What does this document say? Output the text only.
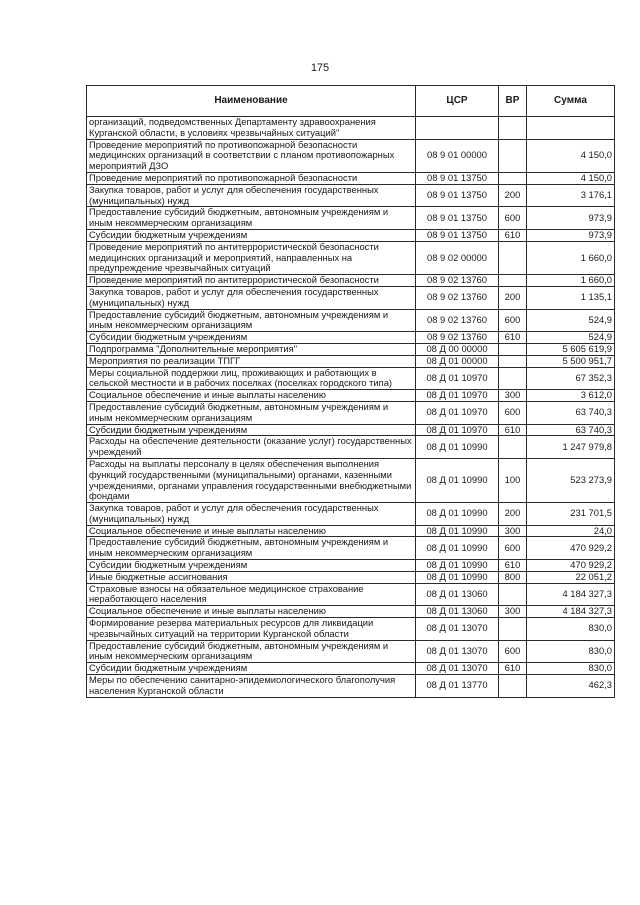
175
Наименование	ЦСР	ВР	Сумма
организаций, подведомственных Департаменту здравоохранения Курганской области, в условиях чрезвычайных ситуаций"			
Проведение мероприятий по противопожарной безопасности медицинских организаций в соответствии с планом противопожарных мероприятий ДЗО	08 9 01 00000		4 150,0
Проведение мероприятий по противопожарной безопасности	08 9 01 13750		4 150,0
Закупка товаров, работ и услуг для обеспечения государственных (муниципальных) нужд	08 9 01 13750	200	3 176,1
Предоставление субсидий бюджетным, автономным учреждениям и иным некоммерческим организациям	08 9 01 13750	600	973,9
Субсидии бюджетным учреждениям	08 9 01 13750	610	973,9
Проведение мероприятий по антитеррористической безопасности медицинских организаций и мероприятий, направленных на предупреждение чрезвычайных ситуаций	08 9 02 00000		1 660,0
Проведение мероприятий по антитеррористической безопасности	08 9 02 13760		1 660,0
Закупка товаров, работ и услуг для обеспечения государственных (муниципальных) нужд	08 9 02 13760	200	1 135,1
Предоставление субсидий бюджетным, автономным учреждениям и иным некоммерческим организациям	08 9 02 13760	600	524,9
Субсидии бюджетным учреждениям	08 9 02 13760	610	524,9
Подпрограмма "Дополнительные мероприятия"	08 Д 00 00000		5 605 619,9
Мероприятия по реализации ТПГГ	08 Д 01 00000		5 500 951,7
Меры социальной поддержки лиц, проживающих и работающих в сельской местности и в рабочих поселках (поселках городского типа)	08 Д 01 10970		67 352,3
Социальное обеспечение и иные выплаты населению	08 Д 01 10970	300	3 612,0
Предоставление субсидий бюджетным, автономным учреждениям и иным некоммерческим организациям	08 Д 01 10970	600	63 740,3
Субсидии бюджетным учреждениям	08 Д 01 10970	610	63 740,3
Расходы на обеспечение деятельности (оказание услуг) государственных учреждений	08 Д 01 10990		1 247 979,8
Расходы на выплаты персоналу в целях обеспечения выполнения функций государственными (муниципальными) органами, казенными учреждениями, органами управления государственными внебюджетными фондами	08 Д 01 10990	100	523 273,9
Закупка товаров, работ и услуг для обеспечения государственных (муниципальных) нужд	08 Д 01 10990	200	231 701,5
Социальное обеспечение и иные выплаты населению	08 Д 01 10990	300	24,0
Предоставление субсидий бюджетным, автономным учреждениям и иным некоммерческим организациям	08 Д 01 10990	600	470 929,2
Субсидии бюджетным учреждениям	08 Д 01 10990	610	470 929,2
Иные бюджетные ассигнования	08 Д 01 10990	800	22 051,2
Страховые взносы на обязательное медицинское страхование неработающего населения	08 Д 01 13060		4 184 327,3
Социальное обеспечение и иные выплаты населению	08 Д 01 13060	300	4 184 327,3
Формирование резерва материальных ресурсов для ликвидации чрезвычайных ситуаций на территории Курганской области	08 Д 01 13070		830,0
Предоставление субсидий бюджетным, автономным учреждениям и иным некоммерческим организациям	08 Д 01 13070	600	830,0
Субсидии бюджетным учреждениям	08 Д 01 13070	610	830,0
Меры по обеспечению санитарно-эпидемиологического благополучия населения Курганской области	08 Д 01 13770		462,3
